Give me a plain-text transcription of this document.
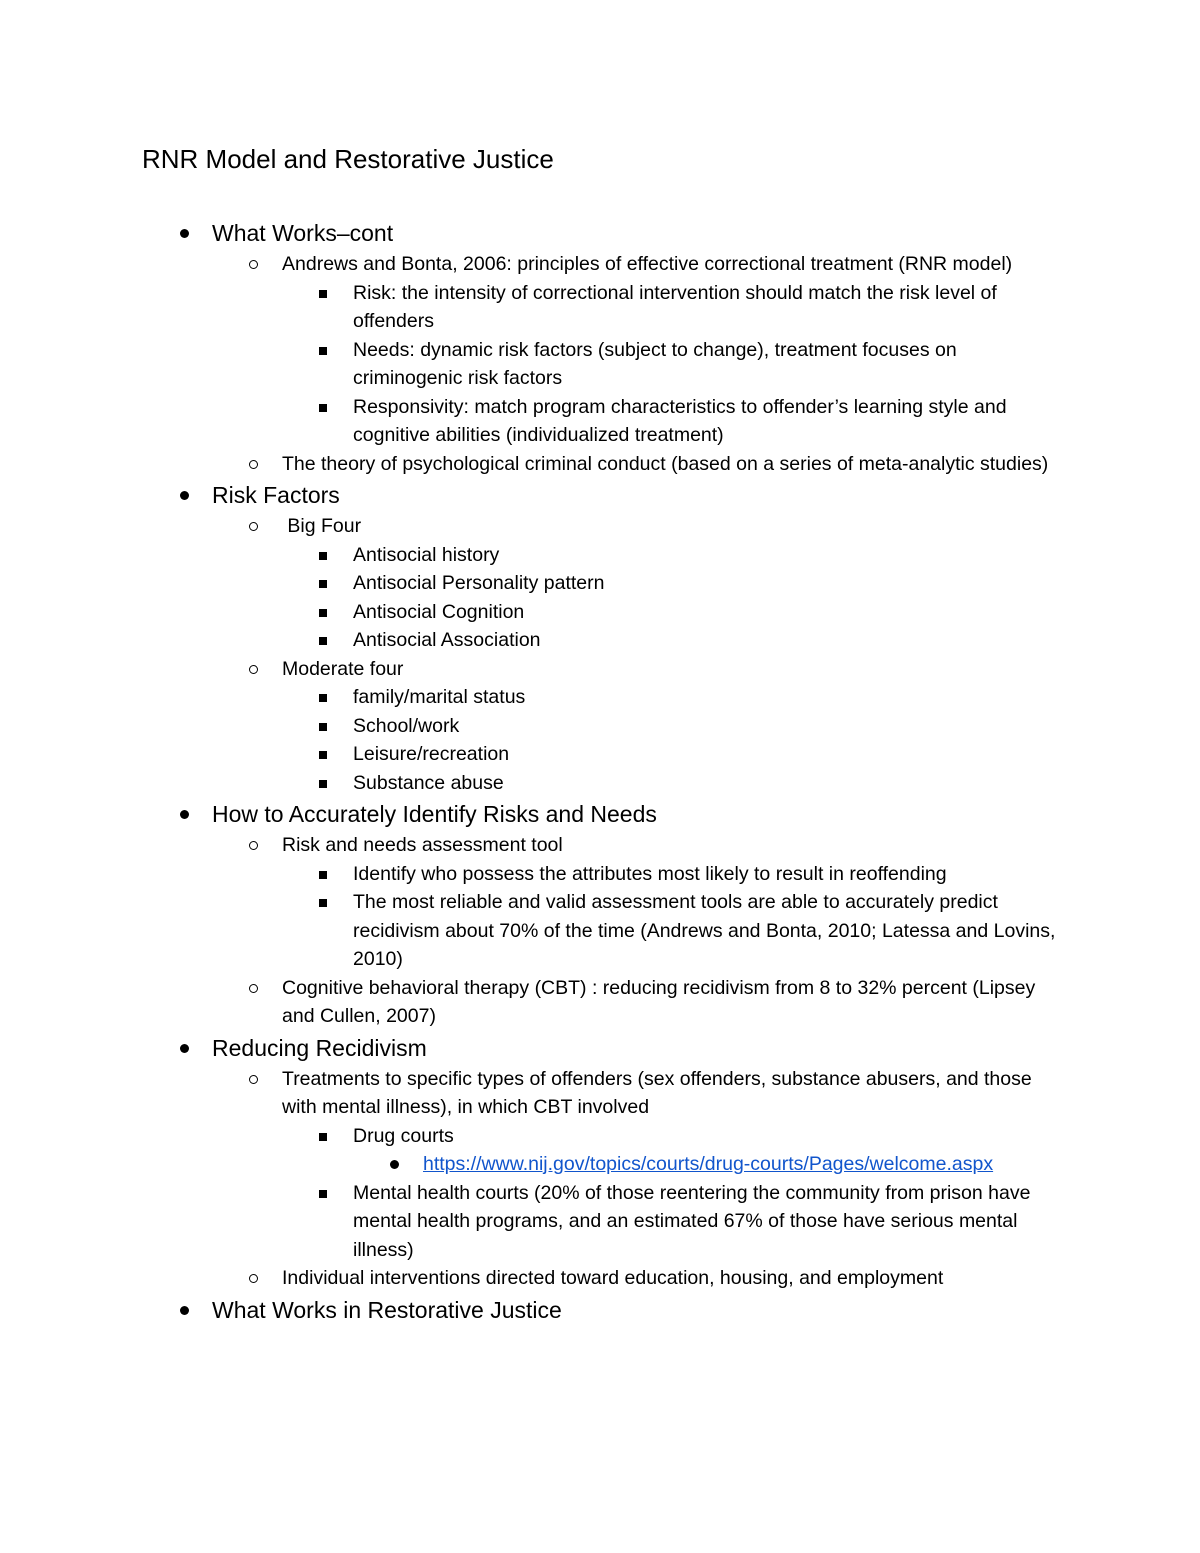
RNR Model and Restorative Justice
What Works–cont
Andrews and Bonta, 2006: principles of effective correctional treatment (RNR model)
Risk: the intensity of correctional intervention should match the risk level of offenders
Needs: dynamic risk factors (subject to change), treatment focuses on criminogenic risk factors
Responsivity: match program characteristics to offender’s learning style and cognitive abilities (individualized treatment)
The theory of psychological criminal conduct (based on a series of meta-analytic studies)
Risk Factors
Big Four
Antisocial history
Antisocial Personality pattern
Antisocial Cognition
Antisocial Association
Moderate four
family/marital status
School/work
Leisure/recreation
Substance abuse
How to Accurately Identify Risks and Needs
Risk and needs assessment tool
Identify who possess the attributes most likely to result in reoffending
The most reliable and valid assessment tools are able to accurately predict recidivism about 70% of the time (Andrews and Bonta, 2010; Latessa and Lovins, 2010)
Cognitive behavioral therapy (CBT) : reducing recidivism from 8 to 32% percent (Lipsey and Cullen, 2007)
Reducing Recidivism
Treatments to specific types of offenders (sex offenders, substance abusers, and those with mental illness), in which CBT involved
Drug courts
https://www.nij.gov/topics/courts/drug-courts/Pages/welcome.aspx
Mental health courts (20% of those reentering the community from prison have mental health programs, and an estimated 67% of those have serious mental illness)
Individual interventions directed toward education, housing, and employment
What Works in Restorative Justice
